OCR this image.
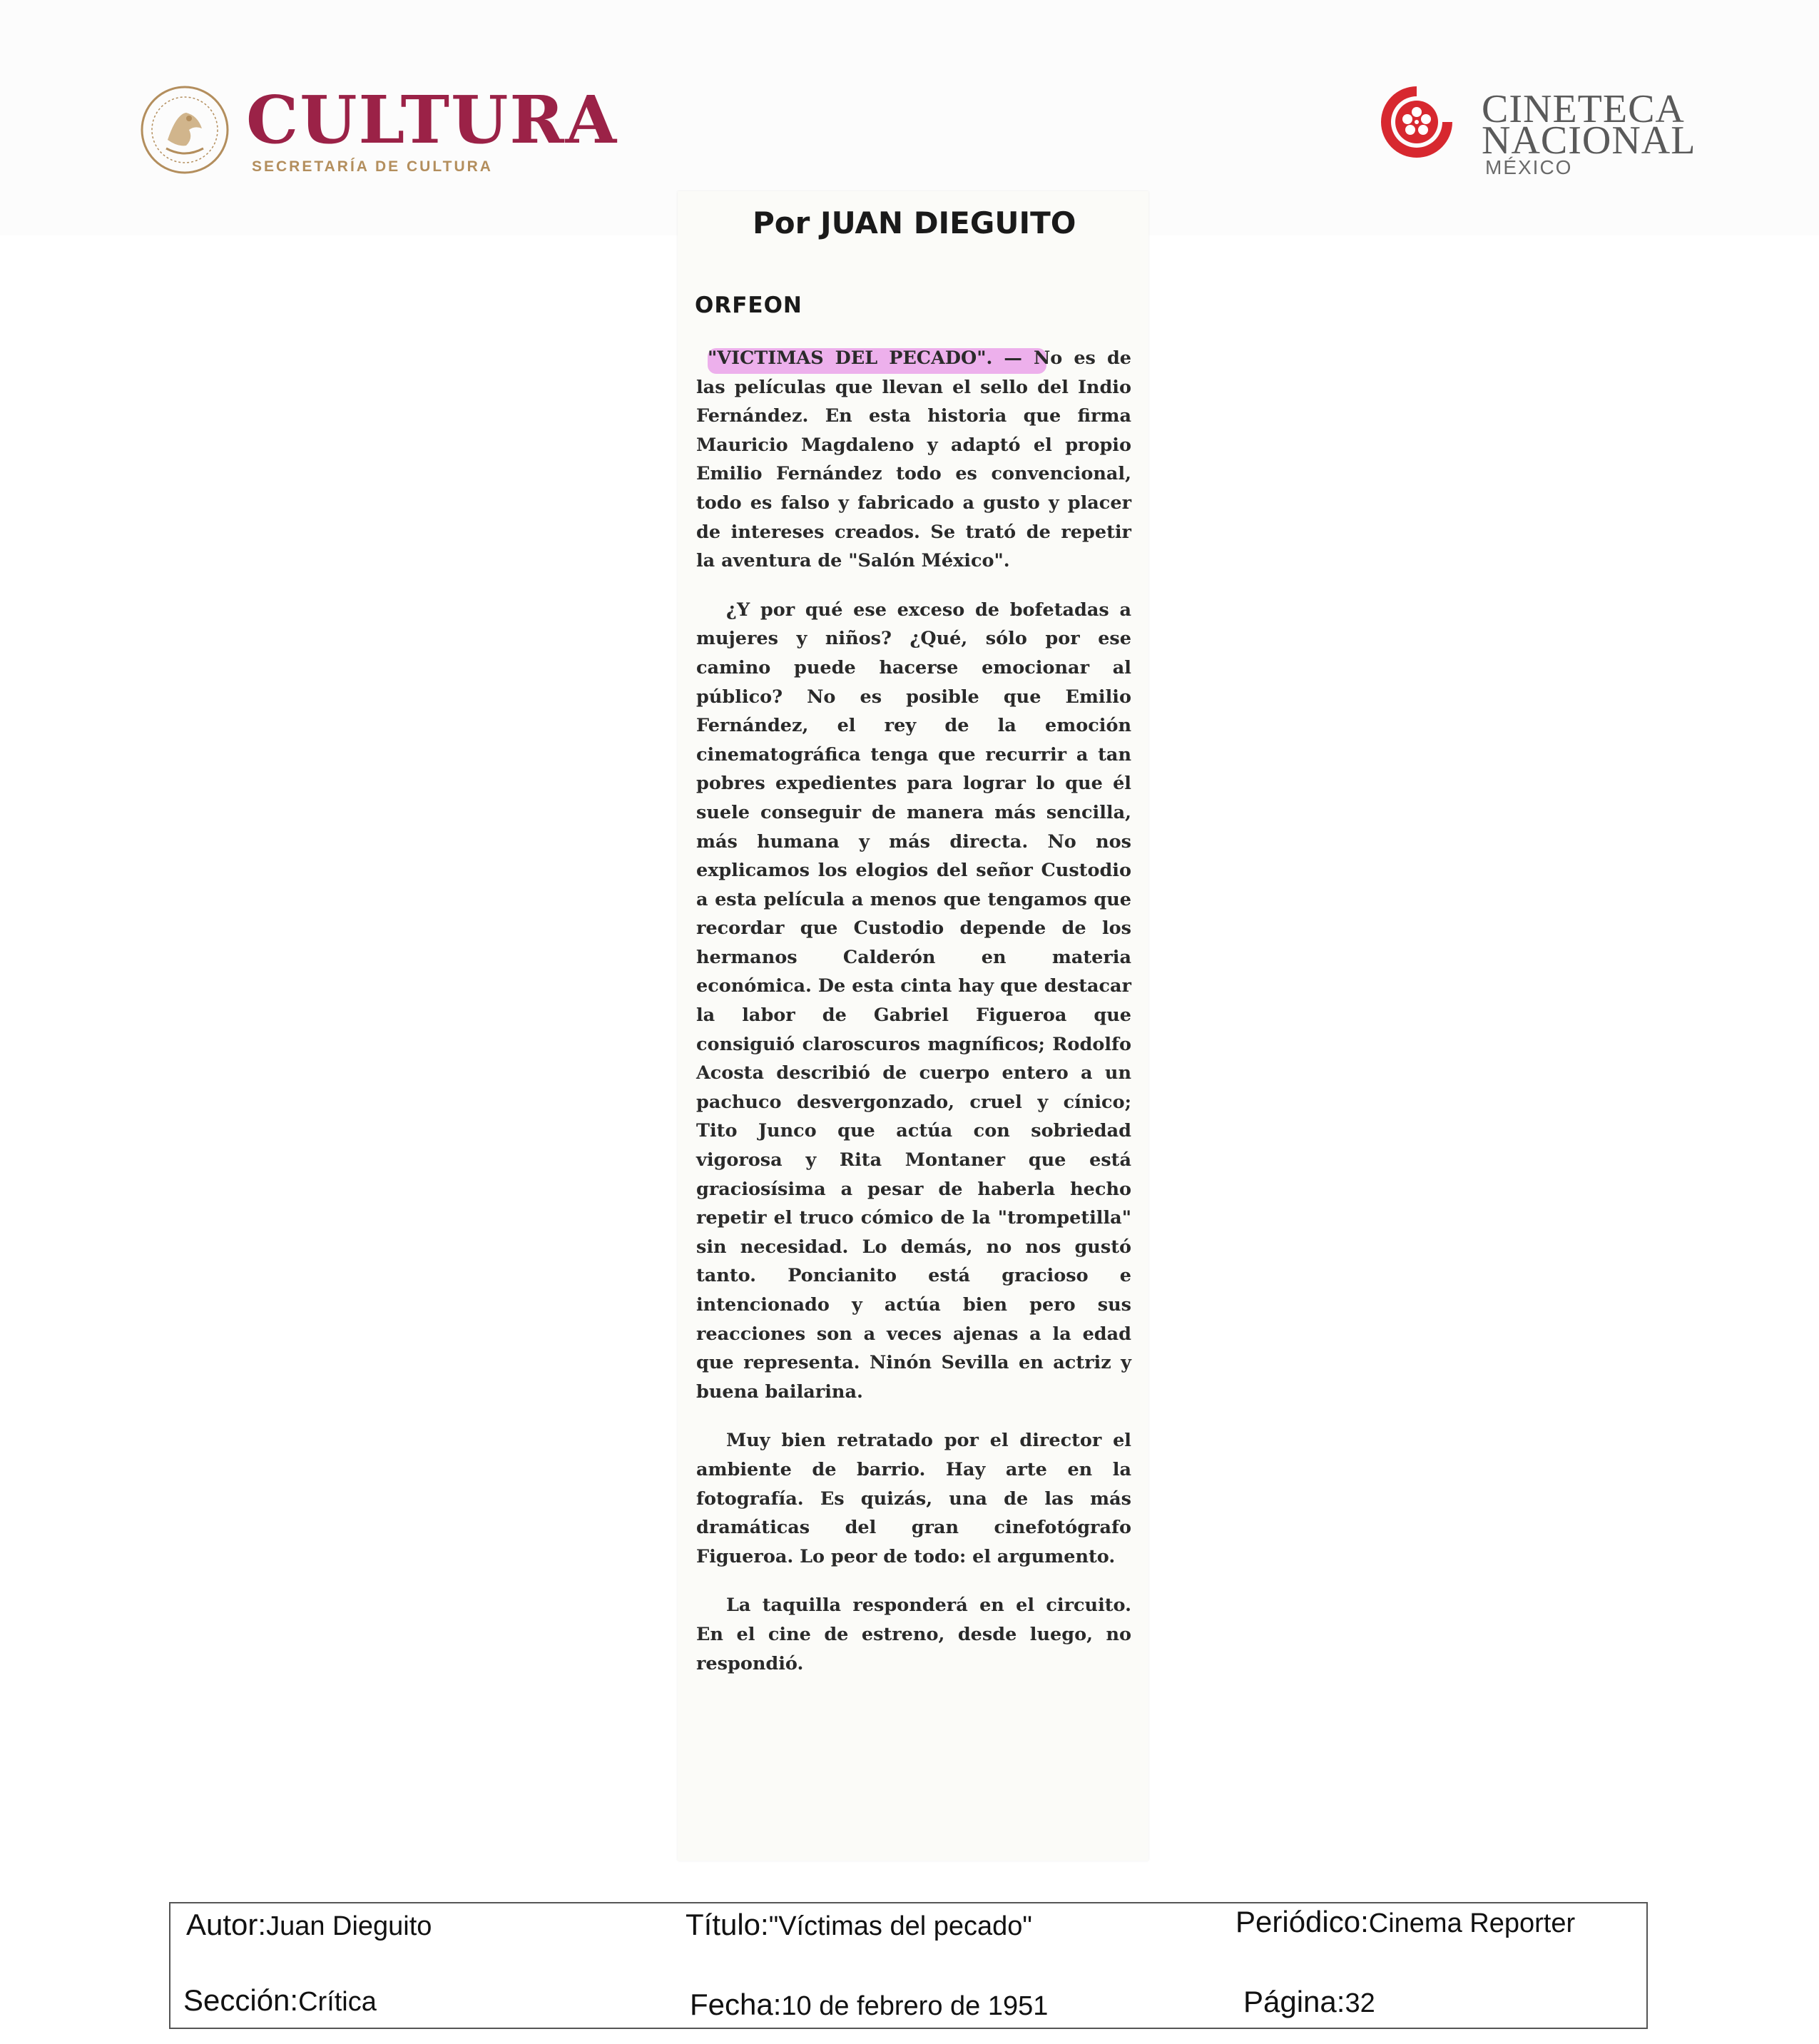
CULTURA
SECRETARÍA DE CULTURA
CINETECA
NACIONAL
MÉXICO
Por JUAN DIEGUITO
ORFEON

"VICTIMAS DEL PECADO". — No es de las películas que llevan el sello del Indio Fernández. En esta historia que firma Mauricio Magdaleno y adaptó el propio Emilio Fernández todo es convencional, todo es falso y fabricado a gusto y placer de intereses creados. Se trató de repetir la aventura de "Salón México".

¿Y por qué ese exceso de bofetadas a mujeres y niños? ¿Qué, sólo por ese camino puede hacerse emocionar al público? No es posible que Emilio Fernández, el rey de la emoción cinematográfica tenga que recurrir a tan pobres expedientes para lograr lo que él suele conseguir de manera más sencilla, más humana y más directa. No nos explicamos los elogios del señor Custodio a esta película a menos que tengamos que recordar que Custodio depende de los hermanos Calderón en materia económica. De esta cinta hay que destacar la labor de Gabriel Figueroa que consiguió claroscuros magníficos; Rodolfo Acosta describió de cuerpo entero a un pachuco desvergonzado, cruel y cínico; Tito Junco que actúa con sobriedad vigorosa y Rita Montaner que está graciosísima a pesar de haberla hecho repetir el truco cómico de la "trompetilla" sin necesidad. Lo demás, no nos gustó tanto. Poncianito está gracioso e intencionado y actúa bien pero sus reacciones son a veces ajenas a la edad que representa. Ninón Sevilla en actriz y buena bailarina.

Muy bien retratado por el director el ambiente de barrio. Hay arte en la fotografía. Es quizás, una de las más dramáticas del gran cinefotógrafo Figueroa. Lo peor de todo: el argumento.

La taquilla responderá en el circuito. En el cine de estreno, desde luego, no respondió.

Autor:Juan Dieguito	Título:"Víctimas del pecado"	Periódico:Cinema Reporter
Sección:Crítica	Fecha:10 de febrero de 1951	Página:32
